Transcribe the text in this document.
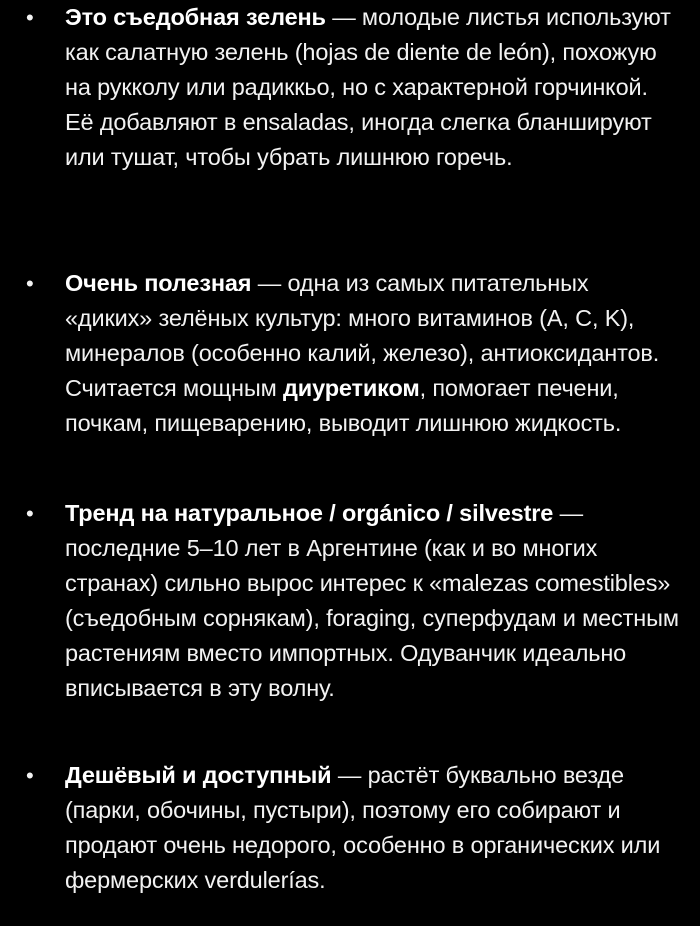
•	Это съедобная зелень — молодые листья используют как салатную зелень (hojas de diente de león), похожую на рукколу или радиккьо, но с характерной горчинкой. Её добавляют в ensaladas, иногда слегка бланшируют или тушат, чтобы убрать лишнюю горечь.
•	Очень полезная — одна из самых питательных «диких» зелёных культур: много витаминов (A, C, K), минералов (особенно калий, железо), антиоксидантов. Считается мощным диуретиком, помогает печени, почкам, пищеварению, выводит лишнюю жидкость.
•	Тренд на натуральное / orgánico / silvestre — последние 5–10 лет в Аргентине (как и во многих странах) сильно вырос интерес к «malezas comestibles» (съедобным сорнякам), foraging, суперфудам и местным растениям вместо импортных. Одуванчик идеально вписывается в эту волну.
•	Дешёвый и доступный — растёт буквально везде (парки, обочины, пустыри), поэтому его собирают и продают очень недорого, особенно в органических или фермерских verdulerías.
